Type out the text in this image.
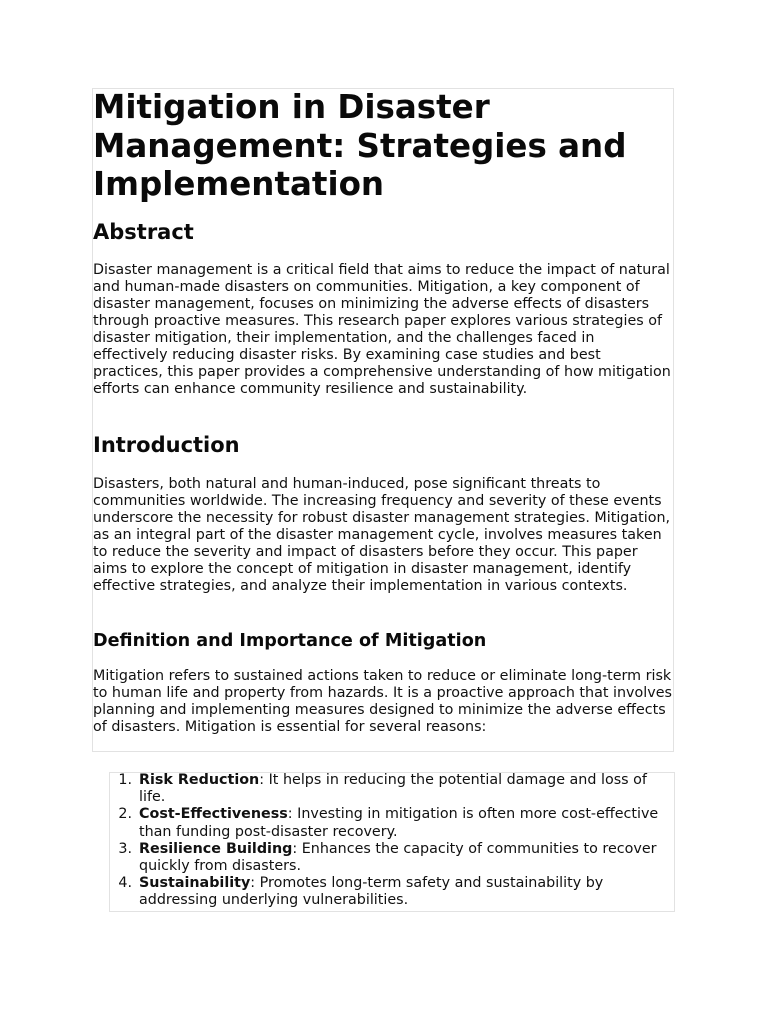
Mitigation in Disaster Management: Strategies and Implementation
Abstract

Disaster management is a critical field that aims to reduce the impact of natural and human-made disasters on communities. Mitigation, a key component of disaster management, focuses on minimizing the adverse effects of disasters through proactive measures. This research paper explores various strategies of disaster mitigation, their implementation, and the challenges faced in effectively reducing disaster risks. By examining case studies and best practices, this paper provides a comprehensive understanding of how mitigation efforts can enhance community resilience and sustainability.

Introduction

Disasters, both natural and human-induced, pose significant threats to communities worldwide. The increasing frequency and severity of these events underscore the necessity for robust disaster management strategies. Mitigation, as an integral part of the disaster management cycle, involves measures taken to reduce the severity and impact of disasters before they occur. This paper aims to explore the concept of mitigation in disaster management, identify effective strategies, and analyze their implementation in various contexts.

Definition and Importance of Mitigation

Mitigation refers to sustained actions taken to reduce or eliminate long-term risk to human life and property from hazards. It is a proactive approach that involves planning and implementing measures designed to minimize the adverse effects of disasters. Mitigation is essential for several reasons:

1. Risk Reduction: It helps in reducing the potential damage and loss of life.
2. Cost-Effectiveness: Investing in mitigation is often more cost-effective than funding post-disaster recovery.
3. Resilience Building: Enhances the capacity of communities to recover quickly from disasters.
4. Sustainability: Promotes long-term safety and sustainability by addressing underlying vulnerabilities.
